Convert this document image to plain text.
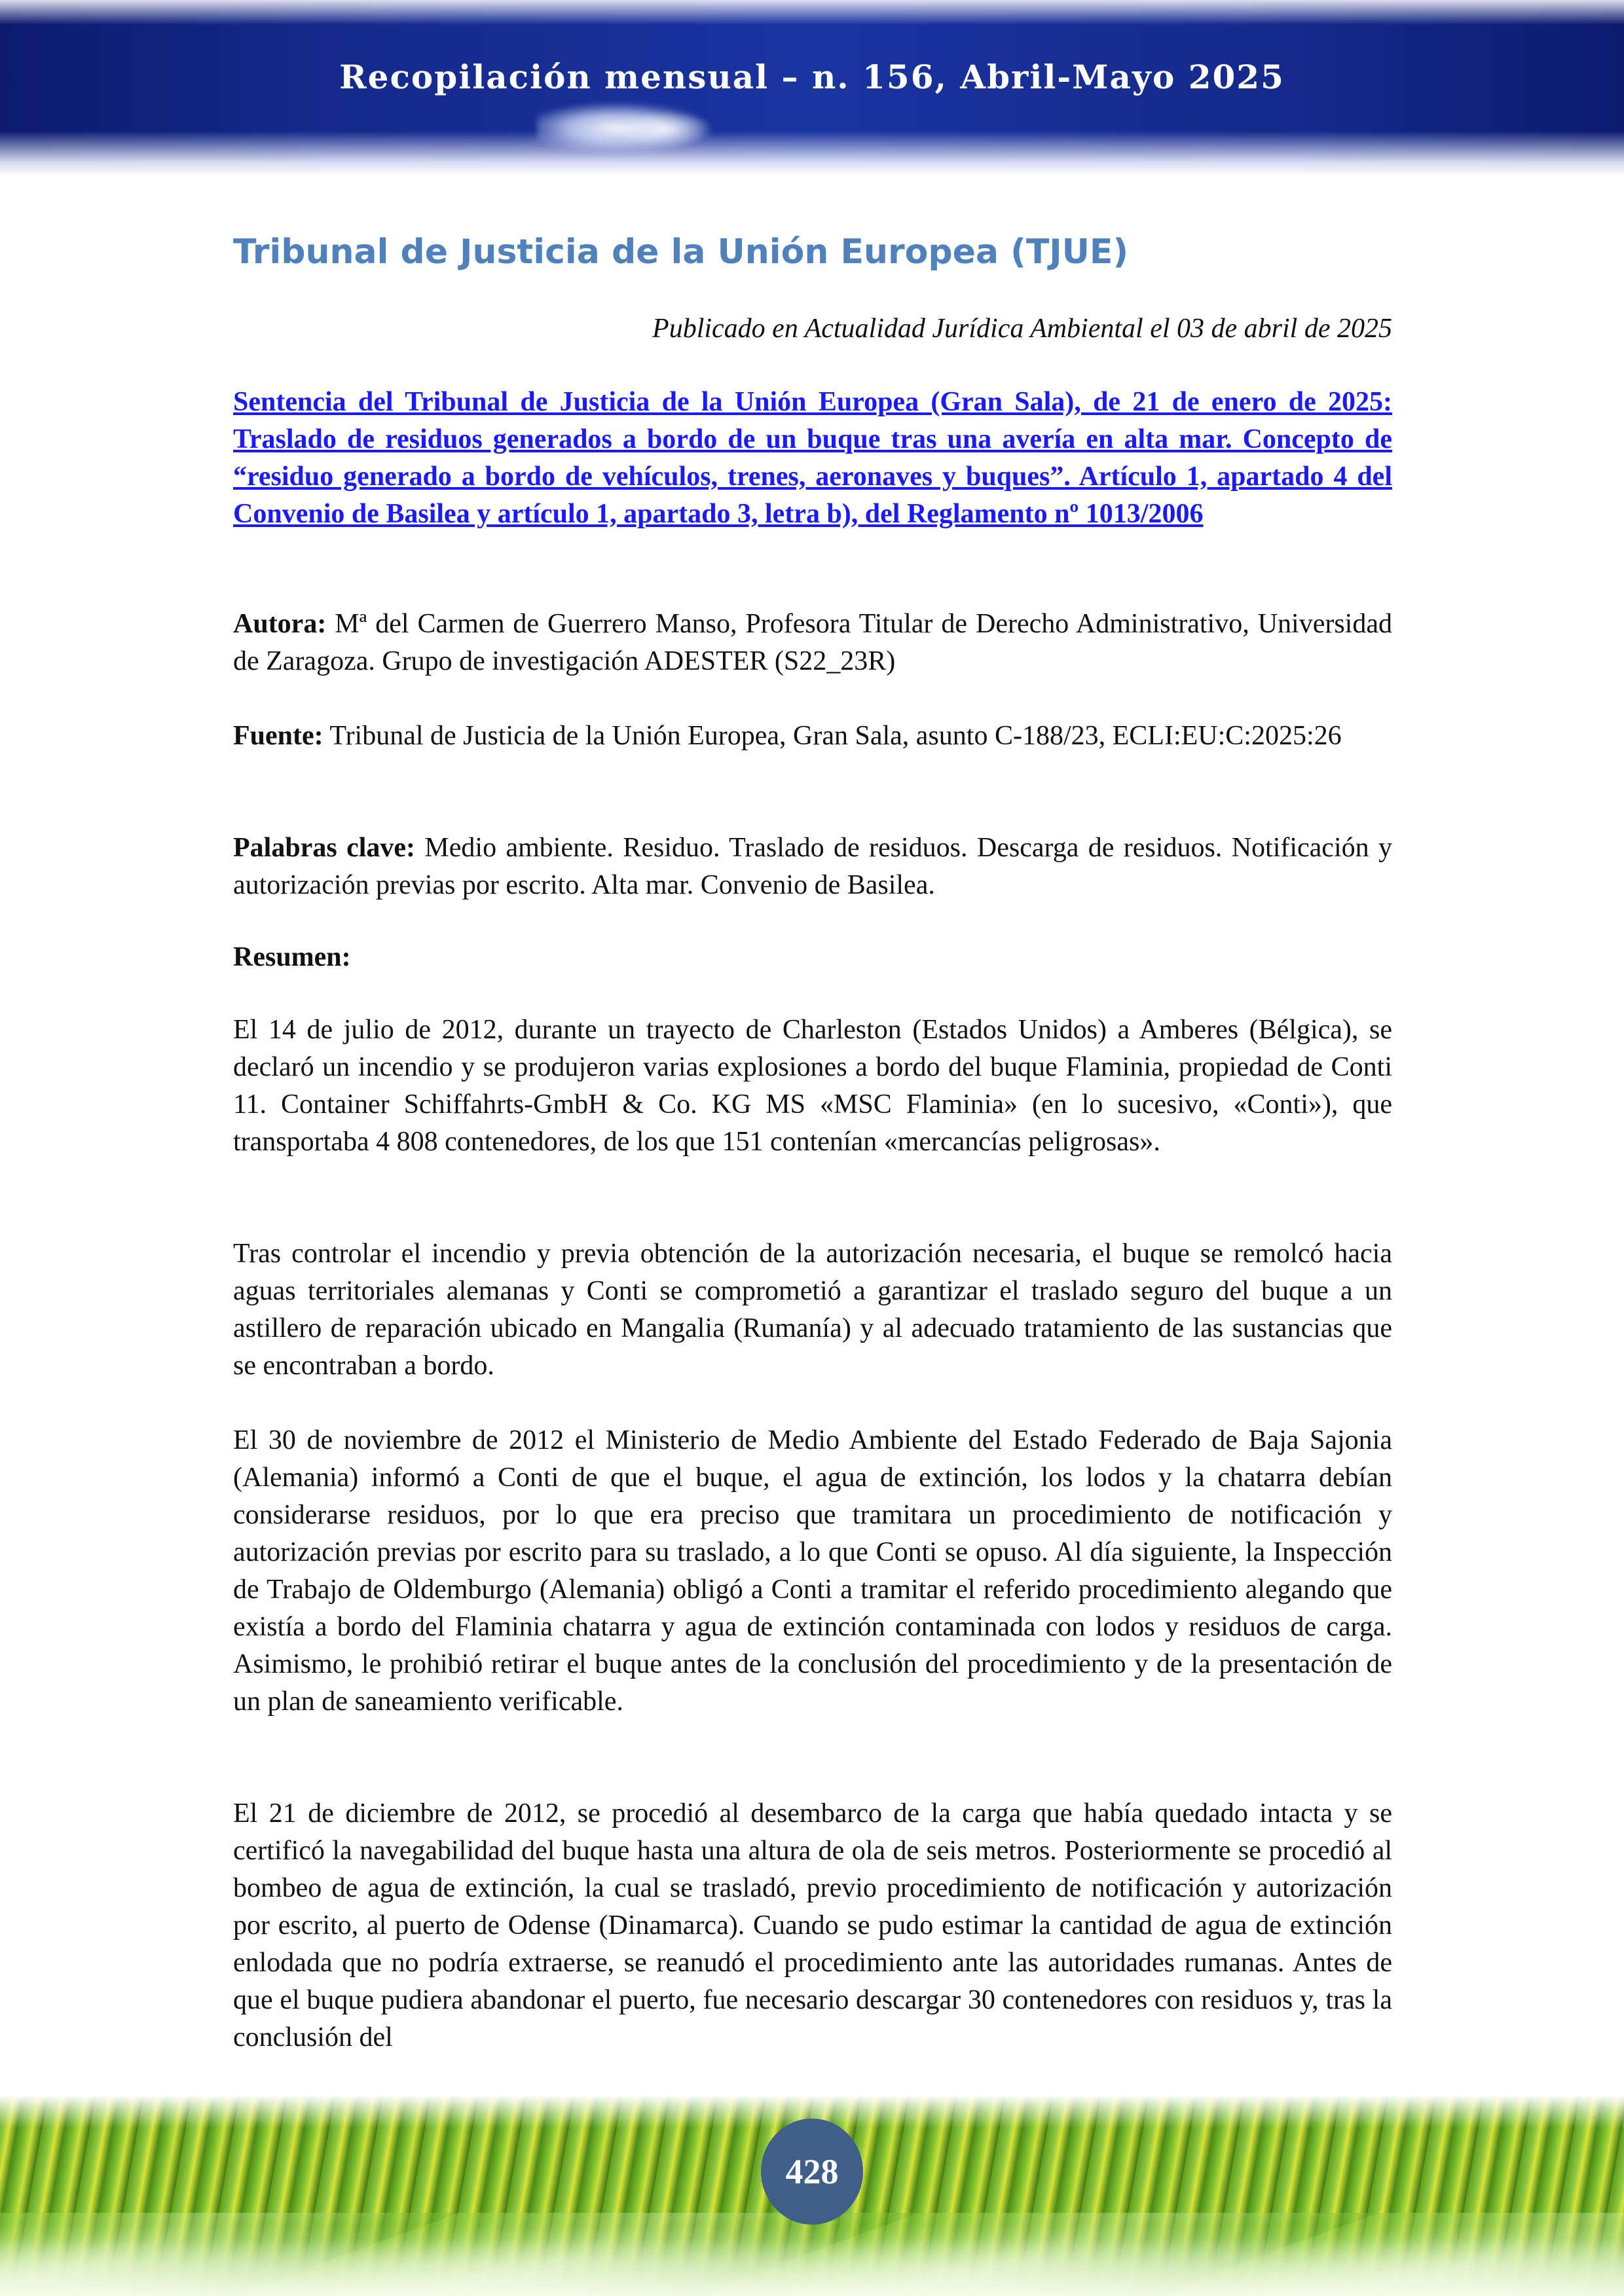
Recopilación mensual – n. 156, Abril-Mayo 2025
Tribunal de Justicia de la Unión Europea (TJUE)
Publicado en Actualidad Jurídica Ambiental el 03 de abril de 2025
Sentencia del Tribunal de Justicia de la Unión Europea (Gran Sala), de 21 de enero de 2025: Traslado de residuos generados a bordo de un buque tras una avería en alta mar. Concepto de “residuo generado a bordo de vehículos, trenes, aeronaves y buques”. Artículo 1, apartado 4 del Convenio de Basilea y artículo 1, apartado 3, letra b), del Reglamento nº 1013/2006
Autora: Mª del Carmen de Guerrero Manso, Profesora Titular de Derecho Administrativo, Universidad de Zaragoza. Grupo de investigación ADESTER (S22_23R)
Fuente: Tribunal de Justicia de la Unión Europea, Gran Sala, asunto C-188/23, ECLI:EU:C:2025:26
Palabras clave: Medio ambiente. Residuo. Traslado de residuos. Descarga de residuos. Notificación y autorización previas por escrito. Alta mar. Convenio de Basilea.
Resumen:
El 14 de julio de 2012, durante un trayecto de Charleston (Estados Unidos) a Amberes (Bélgica), se declaró un incendio y se produjeron varias explosiones a bordo del buque Flaminia, propiedad de Conti 11. Container Schiffahrts-GmbH & Co. KG MS «MSC Flaminia» (en lo sucesivo, «Conti»), que transportaba 4 808 contenedores, de los que 151 contenían «mercancías peligrosas».
Tras controlar el incendio y previa obtención de la autorización necesaria, el buque se remolcó hacia aguas territoriales alemanas y Conti se comprometió a garantizar el traslado seguro del buque a un astillero de reparación ubicado en Mangalia (Rumanía) y al adecuado tratamiento de las sustancias que se encontraban a bordo.
El 30 de noviembre de 2012 el Ministerio de Medio Ambiente del Estado Federado de Baja Sajonia (Alemania) informó a Conti de que el buque, el agua de extinción, los lodos y la chatarra debían considerarse residuos, por lo que era preciso que tramitara un procedimiento de notificación y autorización previas por escrito para su traslado, a lo que Conti se opuso. Al día siguiente, la Inspección de Trabajo de Oldemburgo (Alemania) obligó a Conti a tramitar el referido procedimiento alegando que existía a bordo del Flaminia chatarra y agua de extinción contaminada con lodos y residuos de carga. Asimismo, le prohibió retirar el buque antes de la conclusión del procedimiento y de la presentación de un plan de saneamiento verificable.
El 21 de diciembre de 2012, se procedió al desembarco de la carga que había quedado intacta y se certificó la navegabilidad del buque hasta una altura de ola de seis metros. Posteriormente se procedió al bombeo de agua de extinción, la cual se trasladó, previo procedimiento de notificación y autorización por escrito, al puerto de Odense (Dinamarca). Cuando se pudo estimar la cantidad de agua de extinción enlodada que no podría extraerse, se reanudó el procedimiento ante las autoridades rumanas. Antes de que el buque pudiera abandonar el puerto, fue necesario descargar 30 contenedores con residuos y, tras la conclusión del
428
